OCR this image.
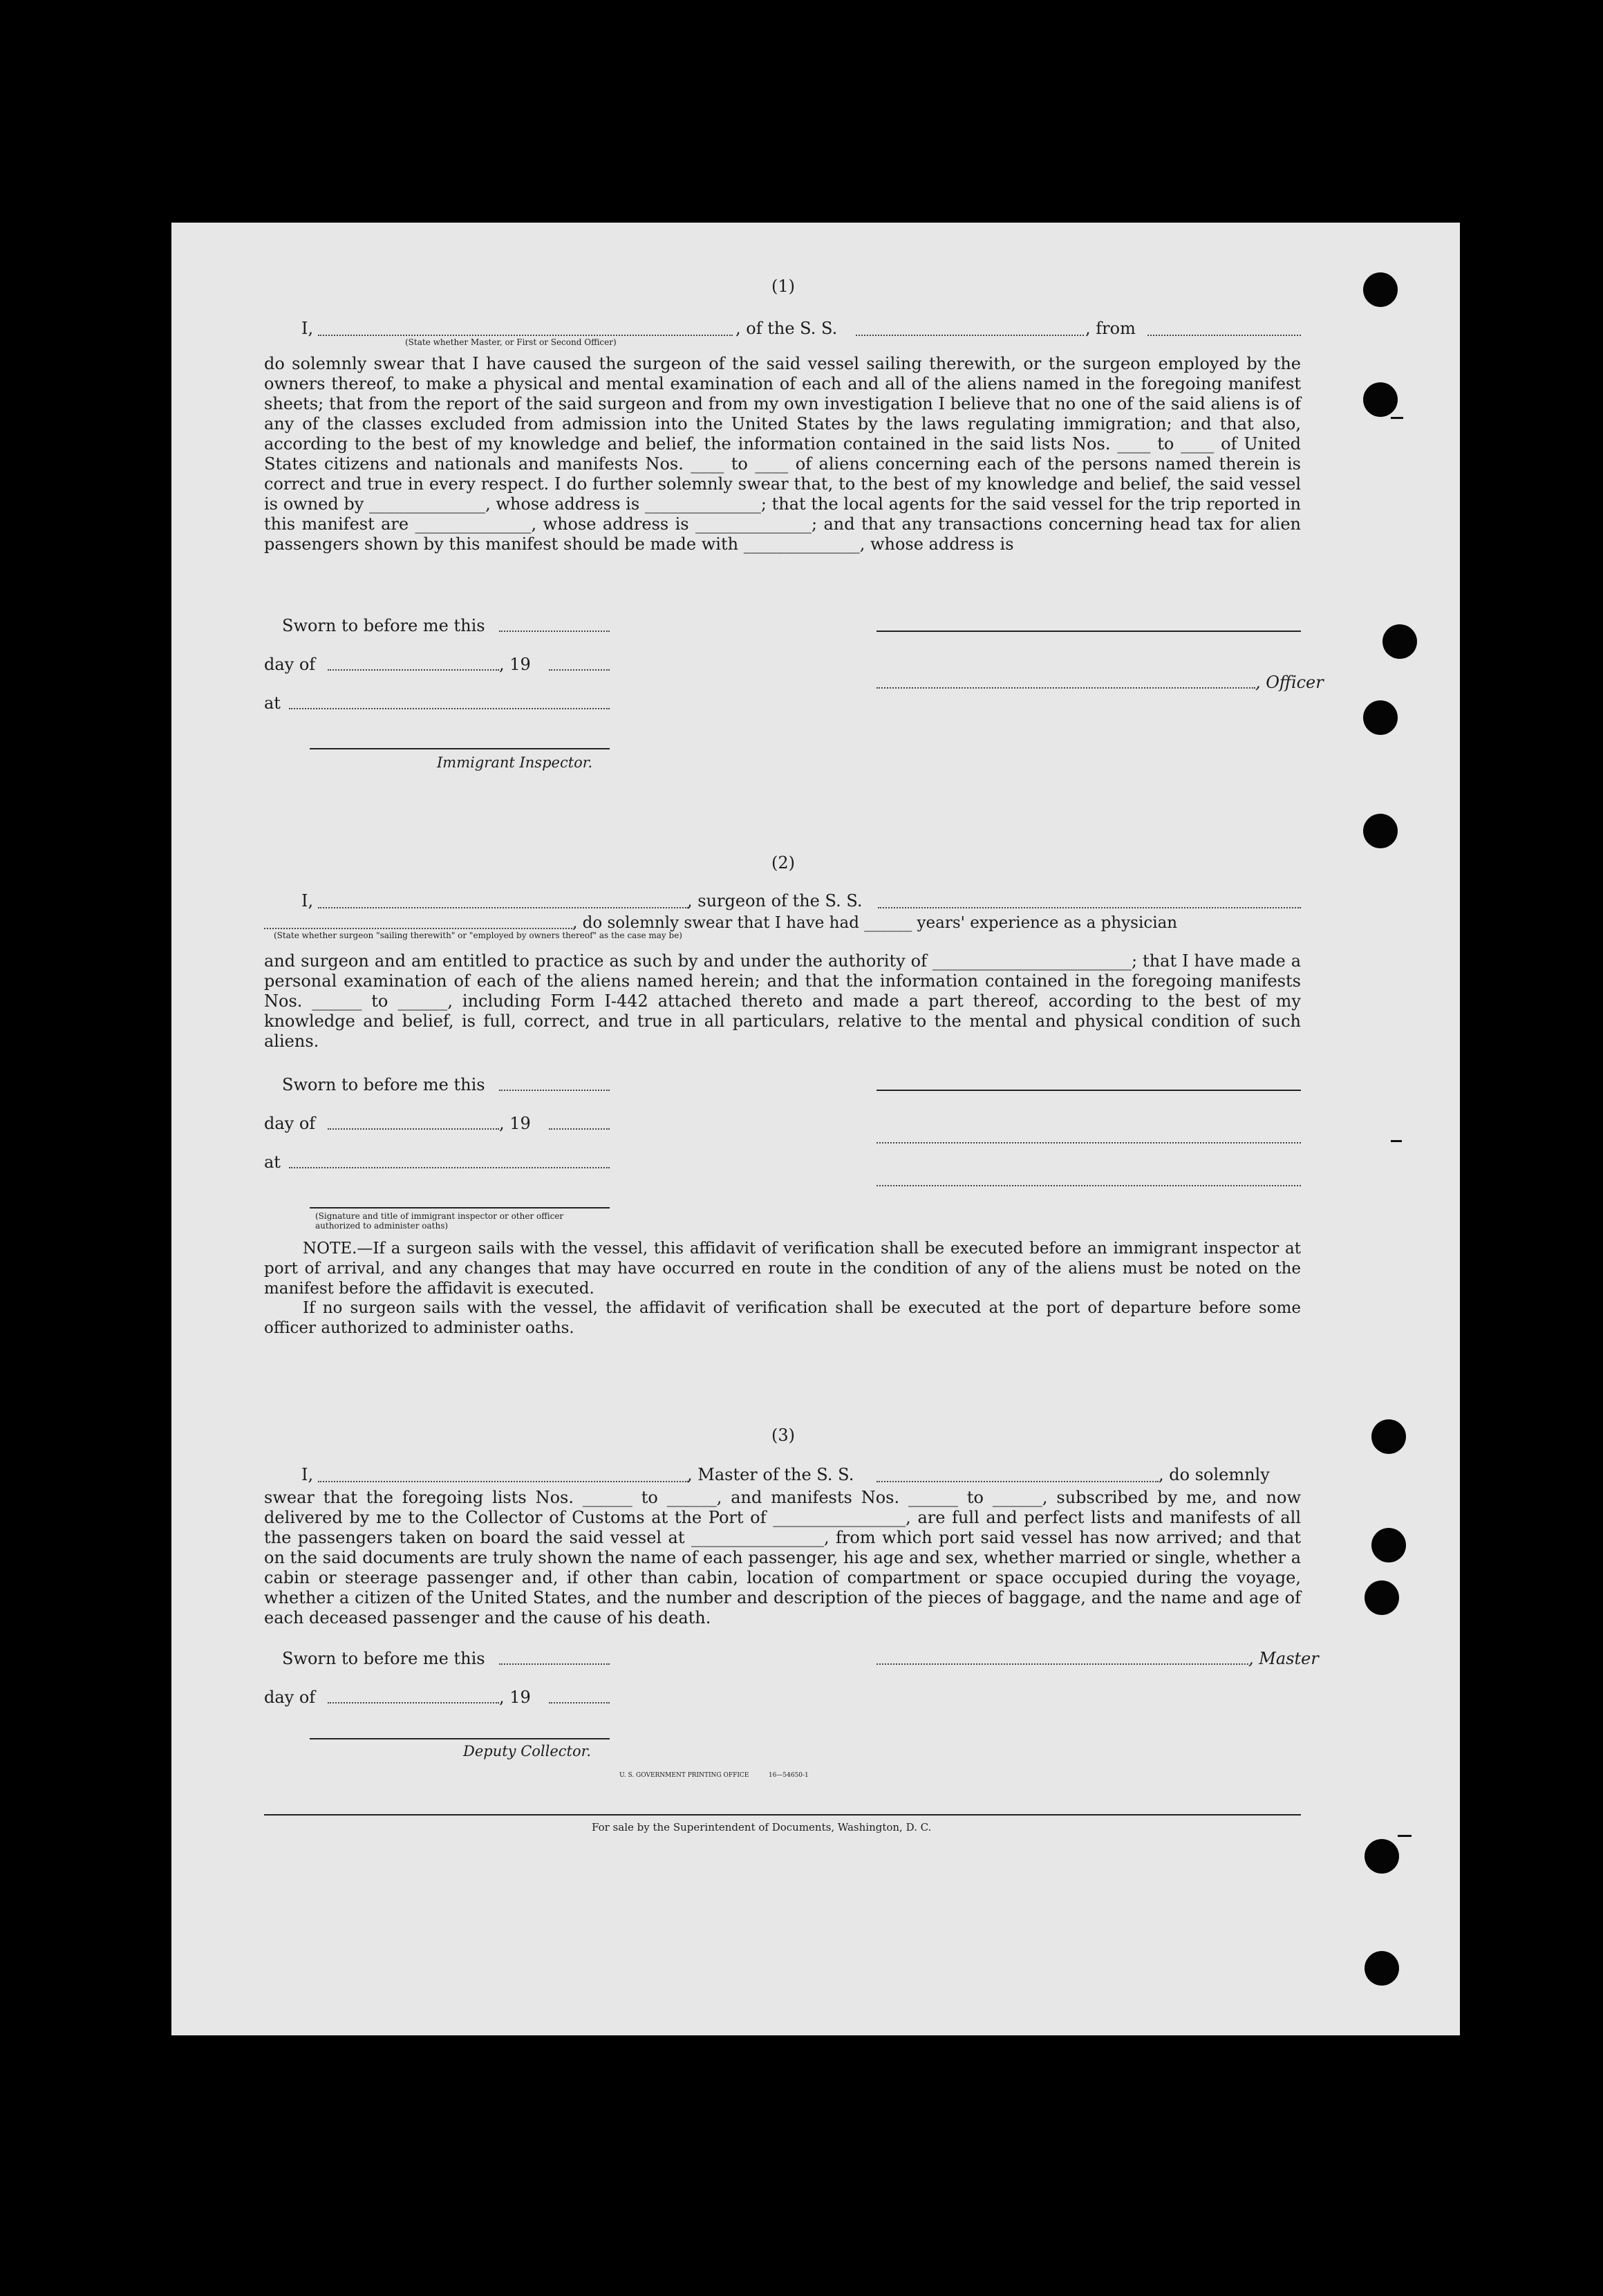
(1)
I,	, of the S. S.	, from
(State whether Master, or First or Second Officer)
do solemnly swear that I have caused the surgeon of the said vessel sailing therewith, or the surgeon employed by the owners thereof, to make a physical and mental examination of each and all of the aliens named in the foregoing manifest sheets; that from the report of the said surgeon and from my own investigation I believe that no one of the said aliens is of any of the classes excluded from admission into the United States by the laws regulating immigration; and that also, according to the best of my knowledge and belief, the information contained in the said lists Nos. ____ to ____ of United States citizens and nationals and manifests Nos. ____ to ____ of aliens concerning each of the persons named therein is correct and true in every respect. I do further solemnly swear that, to the best of my knowledge and belief, the said vessel is owned by ______________, whose address is ______________; that the local agents for the said vessel for the trip reported in this manifest are ______________, whose address is ______________; and that any transactions concerning head tax for alien passengers shown by this manifest should be made with ______________, whose address is
Sworn to before me this
day of	, 19
, Officer
at
Immigrant Inspector.
(2)
I,	, surgeon of the S. S.
, do solemnly swear that I have had ______ years' experience as a physician
(State whether surgeon "sailing therewith" or "employed by owners thereof" as the case may be)
and surgeon and am entitled to practice as such by and under the authority of ________________________; that I have made a personal examination of each of the aliens named herein; and that the information contained in the foregoing manifests Nos. ______ to ______, including Form I-442 attached thereto and made a part thereof, according to the best of my knowledge and belief, is full, correct, and true in all particulars, relative to the mental and physical condition of such aliens.
Sworn to before me this
day of	, 19
at
(Signature and title of immigrant inspector or other officer authorized to administer oaths)
NOTE.—If a surgeon sails with the vessel, this affidavit of verification shall be executed before an immigrant inspector at port of arrival, and any changes that may have occurred en route in the condition of any of the aliens must be noted on the manifest before the affidavit is executed.
If no surgeon sails with the vessel, the affidavit of verification shall be executed at the port of departure before some officer authorized to administer oaths.
(3)
I,	, Master of the S. S.	, do solemnly
swear that the foregoing lists Nos. ______ to ______, and manifests Nos. ______ to ______, subscribed by me, and now delivered by me to the Collector of Customs at the Port of ________________, are full and perfect lists and manifests of all the passengers taken on board the said vessel at ________________, from which port said vessel has now arrived; and that on the said documents are truly shown the name of each passenger, his age and sex, whether married or single, whether a cabin or steerage passenger and, if other than cabin, location of compartment or space occupied during the voyage, whether a citizen of the United States, and the number and description of the pieces of baggage, and the name and age of each deceased passenger and the cause of his death.
Sworn to before me this	, Master
day of	, 19
Deputy Collector.
U. S. GOVERNMENT PRINTING OFFICE          16—54650-1
For sale by the Superintendent of Documents, Washington, D. C.
